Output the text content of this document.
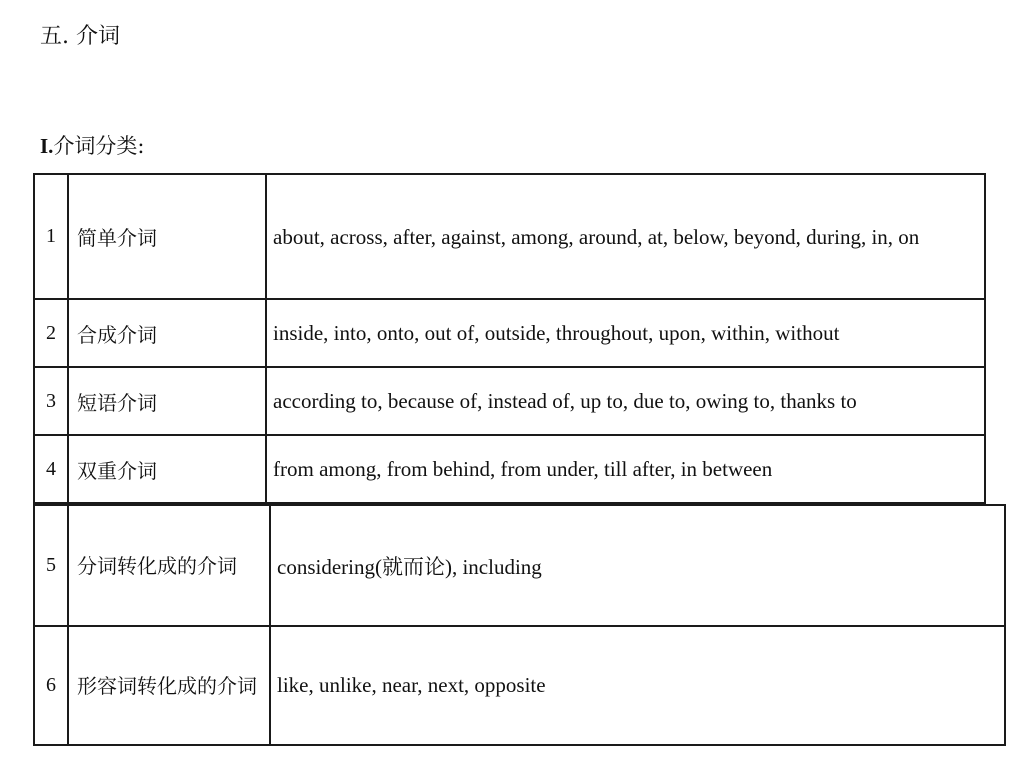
五. 介词
I.介词分类:
1	简单介词	about, across, after, against, among, around, at, below, beyond, during, in, on
2	合成介词	inside, into, onto, out of, outside, throughout, upon, within, without
3	短语介词	according to, because of, instead of, up to, due to, owing to, thanks to
4	双重介词	from among, from behind, from under, till after, in between
5	分词转化成的介词	considering(就而论), including
6	形容词转化成的介词	like, unlike, near, next, opposite
